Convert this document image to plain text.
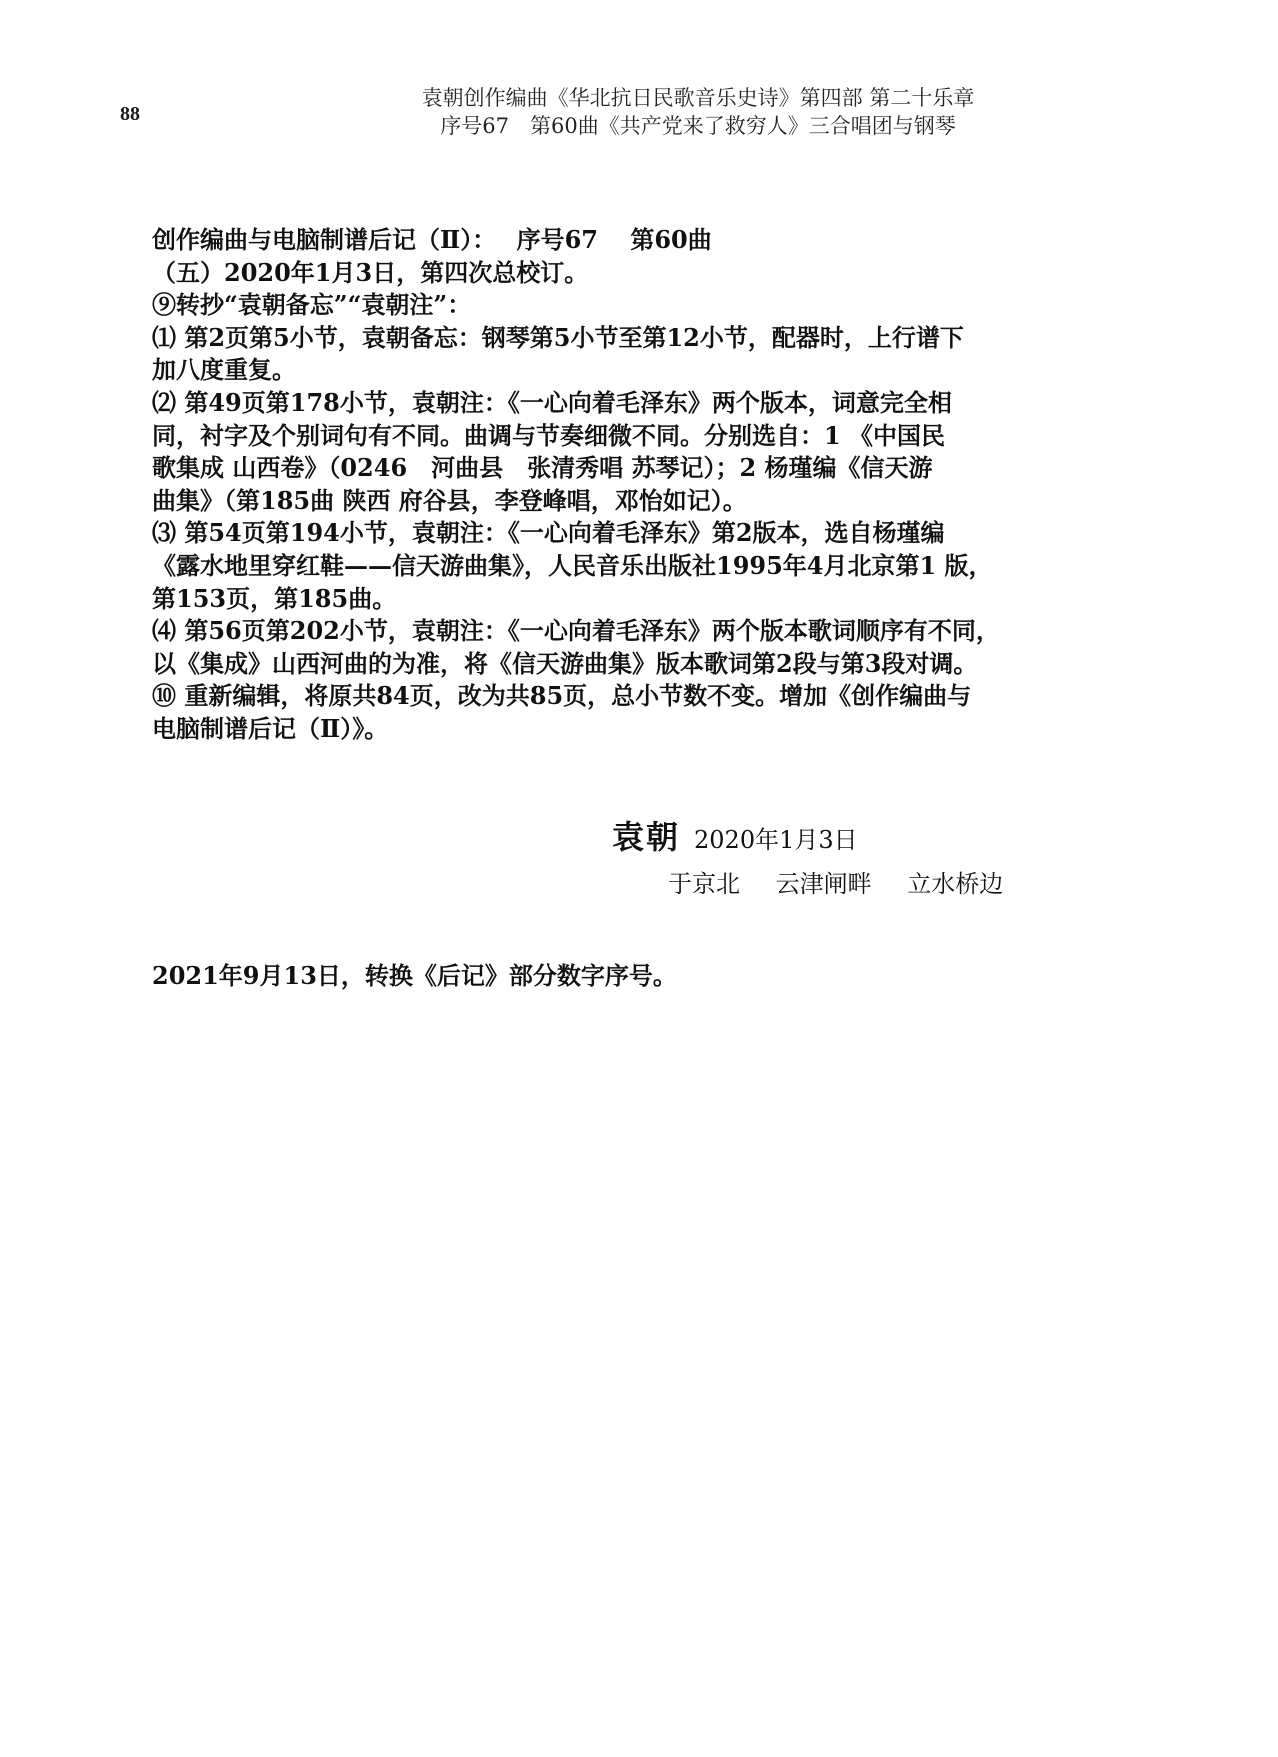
88
袁朝创作编曲《华北抗日民歌音乐史诗》第四部 第二十乐章
序号67　第60曲《共产党来了救穷人》三合唱团与钢琴
创作编曲与电脑制谱后记（Ⅱ）：　 序号67　 第60曲
（五）2020年1月3日，第四次总校订。
⑨转抄“袁朝备忘”“袁朝注”：
⑴ 第2页第5小节，袁朝备忘：钢琴第5小节至第12小节，配器时，上行谱下
加八度重复。
⑵ 第49页第178小节，袁朝注：《一心向着毛泽东》两个版本，词意完全相
同，衬字及个别词句有不同。曲调与节奏细微不同。分别选自：1 《中国民
歌集成 山西卷》（0246　河曲县　张清秀唱 苏琴记）；2 杨瑾编《信天游
曲集》（第185曲 陕西 府谷县，李登峰唱，邓怡如记）。
⑶ 第54页第194小节，袁朝注：《一心向着毛泽东》第2版本，选自杨瑾编
《露水地里穿红鞋——信天游曲集》，人民音乐出版社1995年4月北京第1 版，
第153页，第185曲。
⑷ 第56页第202小节，袁朝注：《一心向着毛泽东》两个版本歌词顺序有不同，
以《集成》山西河曲的为准，将《信天游曲集》版本歌词第2段与第3段对调。
⑩ 重新编辑，将原共84页，改为共85页，总小节数不变。增加《创作编曲与
电脑制谱后记（Ⅱ）》。
袁朝 2020年1月3日
于京北 云津闸畔 立水桥边
2021年9月13日，转换《后记》部分数字序号。
